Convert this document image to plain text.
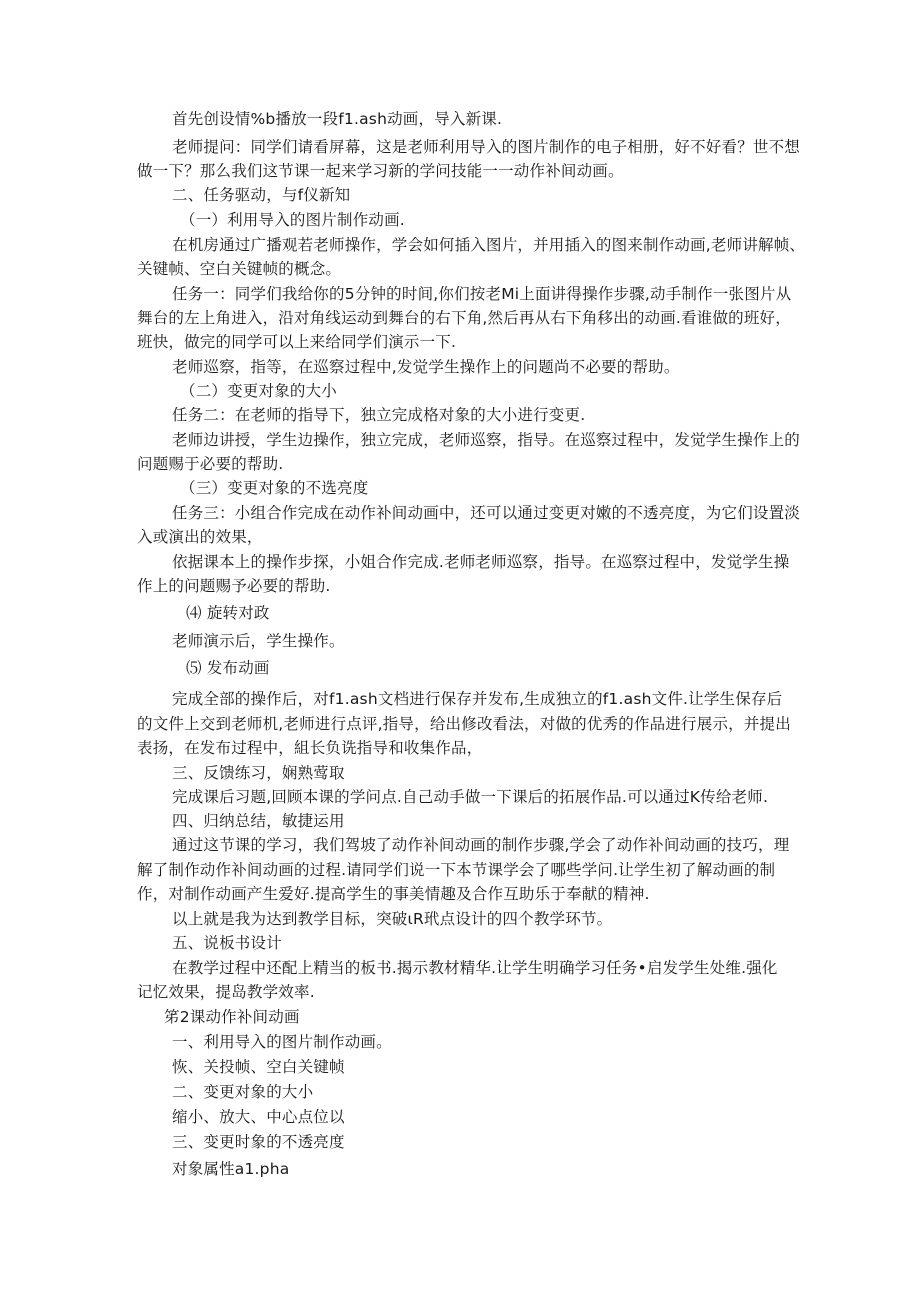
首先创设情%b播放一段f1.ash动画，导入新课.
老师提问：同学们请看屏幕，这是老师利用导入的图片制作的电子相册，好不好看？世不想
做一下？那么我们这节课一起来学习新的学问技能一一动作补间动画。
二、任务驱动，与f仪新知
（一）利用导入的图片制作动画.
在机房通过广播观若老师操作，学会如何插入图片，并用插入的图来制作动画,老师讲解帧、
关键帧、空白关键帧的概念。
任务一：同学们我给你的5分钟的时间,你们按老Mi上面讲得操作步骤,动手制作一张图片从
舞台的左上角进入，沿对角线运动到舞台的右下角,然后再从右下角移出的动画.看谁做的班好，
班快，做完的同学可以上来给同学们演示一下.
老师巡察，指等，在巡察过程中,发觉学生操作上的问题尚不必要的帮助。
（二）变更对象的大小
任务二：在老师的指导下，独立完成格对象的大小进行变更.
老师边讲授，学生边操作，独立完成，老师巡察，指导。在巡察过程中，发觉学生操作上的
问题赐于必要的帮助.
（三）变更对象的不选亮度
任务三：小组合作完成在动作补间动画中，还可以通过变更对嫩的不透亮度，为它们设置淡
入或演出的效果，
依据课本上的操作步探，小姐合作完成.老师老师巡察，指导。在巡察过程中，发觉学生操
作上的问题赐予必要的帮助.
⑷ 旋转对政
老师演示后，学生操作。
⑸ 发布动画
完成全部的操作后，对f1.ash文档进行保存并发布,生成独立的f1.ash文件.让学生保存后
的文件上交到老师机,老师进行点评,指导，给出修改看法，对做的优秀的作品进行展示，并提出
表扬，在发布过程中，組长负诜指导和收集作品，
三、反馈练习，娴熟莺取
完成课后习题,回顾本课的学问点.自己动手做一下课后的拓展作品.可以通过K传给老师.
四、归纳总结，敏捷运用
通过这节课的学习，我们驾坡了动作补间动画的制作步骤,学会了动作补间动画的技巧，理
解了制作动作补间动画的过程.请同学们说一下本节课学会了哪些学问.让学生初了解动画的制
作，对制作动画产生爱好.提高学生的事美情趣及合作互助乐于奉献的精神.
以上就是我为达到教学目标，突破ιR玳点设计的四个教学环节。
五、说板书设计
在教学过程中还配上精当的板书.揭示教材精华.让学生明确学习任务•启发学生处维.强化
记忆效果，提岛教学效率.
笫2课动作补间动画
一、利用导入的图片制作动画。
恢、关投帧、空白关键帧
二、变更对象的大小
缩小、放大、中心点位以
三、变更时象的不透亮度
对象属性a1.pha
